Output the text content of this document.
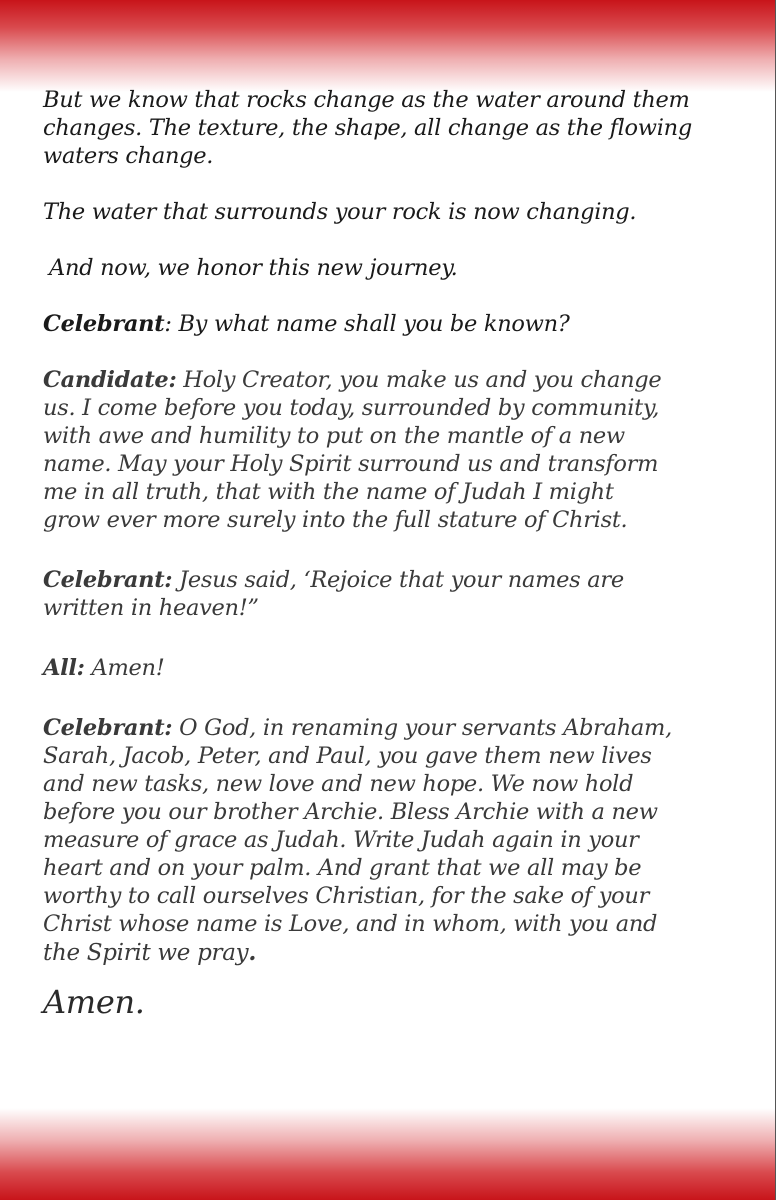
But we know that rocks change as the water around them
changes. The texture, the shape, all change as the flowing
waters change.

The water that surrounds your rock is now changing.

And now, we honor this new journey.

Celebrant: By what name shall you be known?

Candidate: Holy Creator, you make us and you change
us. I come before you today, surrounded by community,
with awe and humility to put on the mantle of a new
name. May your Holy Spirit surround us and transform
me in all truth, that with the name of Judah I might
grow ever more surely into the full stature of Christ.

Celebrant: Jesus said, ‘Rejoice that your names are
written in heaven!”

All: Amen!

Celebrant: O God, in renaming your servants Abraham,
Sarah, Jacob, Peter, and Paul, you gave them new lives
and new tasks, new love and new hope. We now hold
before you our brother Archie. Bless Archie with a new
measure of grace as Judah. Write Judah again in your
heart and on your palm. And grant that we all may be
worthy to call ourselves Christian, for the sake of your
Christ whose name is Love, and in whom, with you and
the Spirit we pray.

Amen.
